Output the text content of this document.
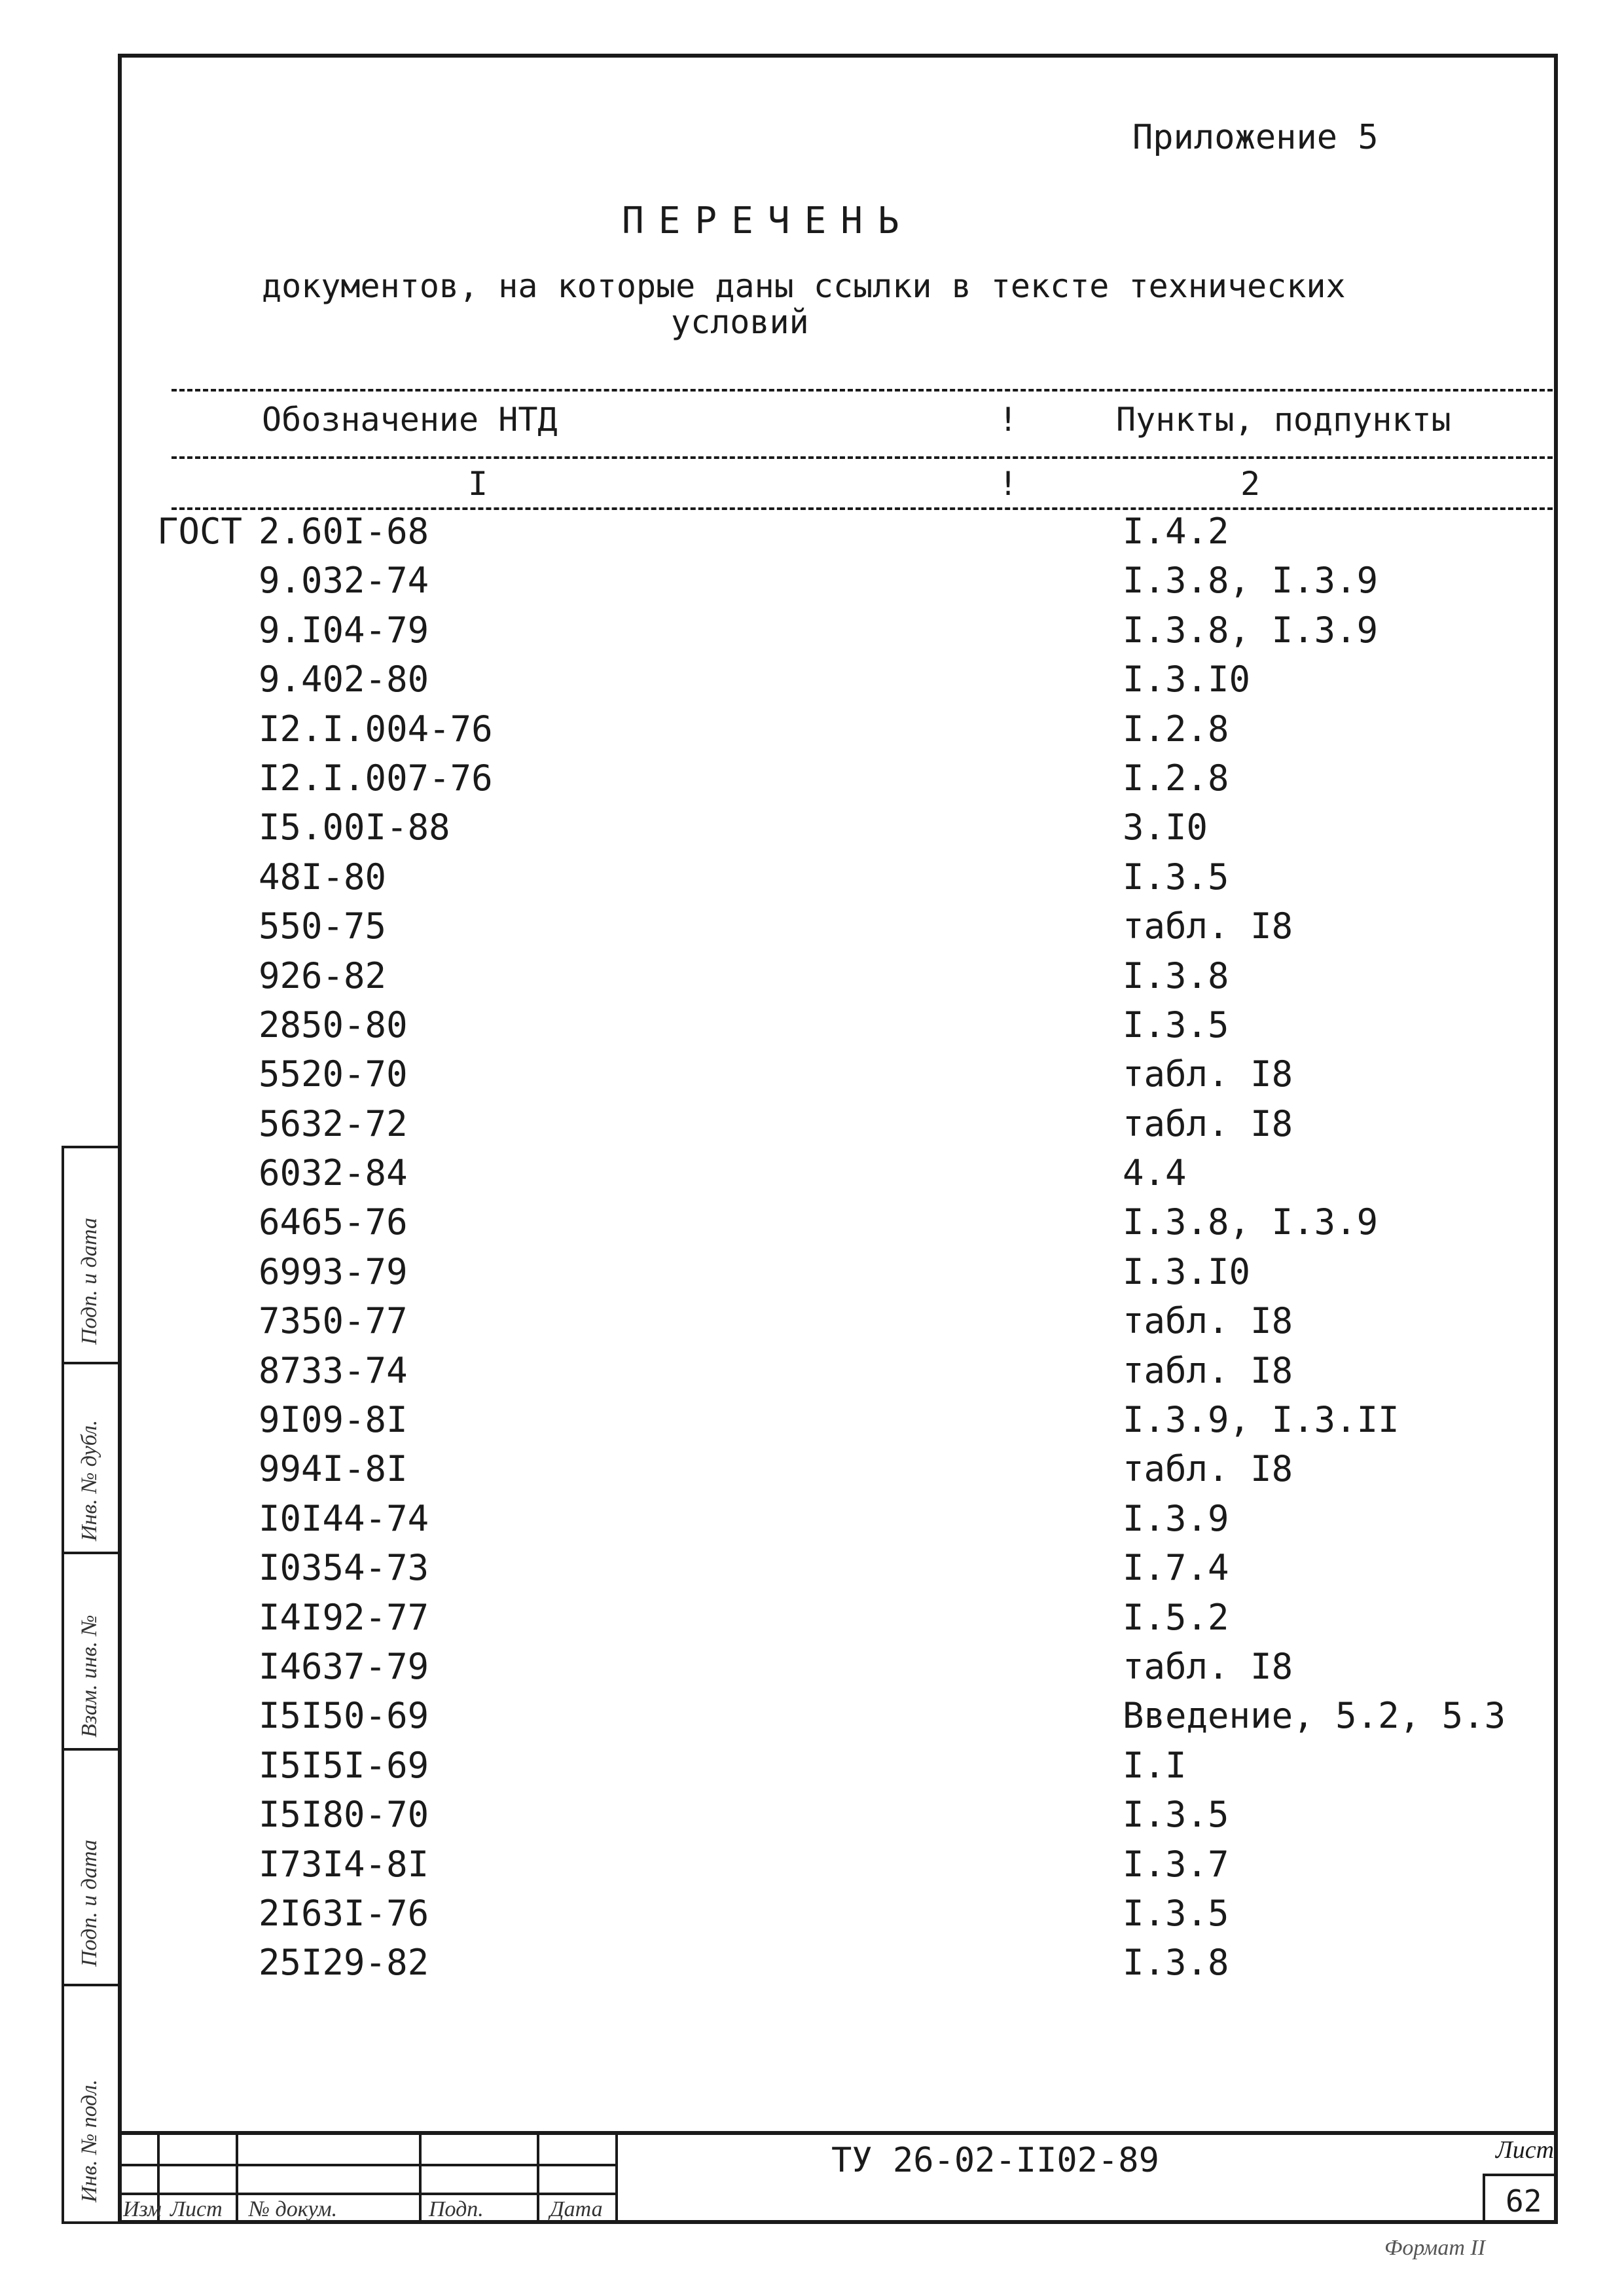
Подп. и дата
Инв. № дубл.
Взам. инв. №
Подп. и дата
Инв. № подл.
Приложение 5
ПЕРЕЧЕНЬ
документов, на которые даны ссылки в тексте технических
условий
Обозначение НТД	!	Пункты, подпункты
I	!	2
ГОСТ 2.60I-68	I.4.2
9.032-74	I.3.8, I.3.9
9.I04-79	I.3.8, I.3.9
9.402-80	I.3.I0
I2.I.004-76	I.2.8
I2.I.007-76	I.2.8
I5.00I-88	3.I0
48I-80	I.3.5
550-75	табл. I8
926-82	I.3.8
2850-80	I.3.5
5520-70	табл. I8
5632-72	табл. I8
6032-84	4.4
6465-76	I.3.8, I.3.9
6993-79	I.3.I0
7350-77	табл. I8
8733-74	табл. I8
9I09-8I	I.3.9, I.3.II
994I-8I	табл. I8
I0I44-74	I.3.9
I0354-73	I.7.4
I4I92-77	I.5.2
I4637-79	табл. I8
I5I50-69	Введение, 5.2, 5.3
I5I5I-69	I.I
I5I80-70	I.3.5
I73I4-8I	I.3.7
2I63I-76	I.3.5
25I29-82	I.3.8
Изм Лист № докум.	Подп.	Дата
ТУ 26-02-II02-89	Лист
62
Формат II
